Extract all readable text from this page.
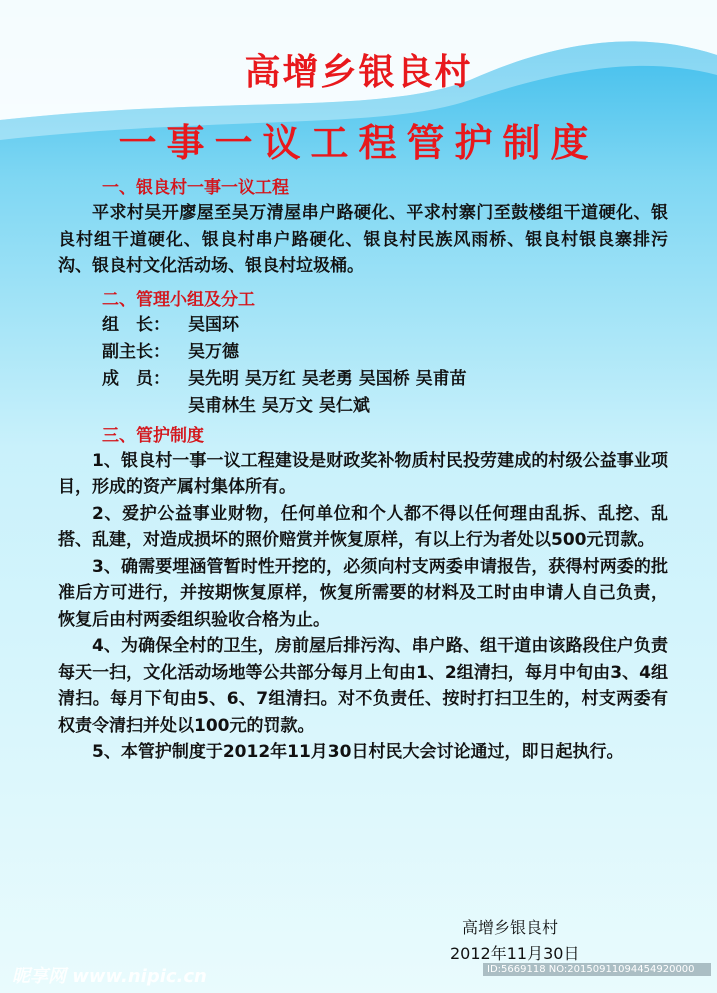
高增乡银良村
一事一议工程管护制度
一、银良村一事一议工程
平求村吴开廖屋至吴万清屋串户路硬化、平求村寨门至鼓楼组干道硬化、银良村组干道硬化、银良村串户路硬化、银良村民族风雨桥、银良村银良寨排污沟、银良村文化活动场、银良村垃圾桶。
二、管理小组及分工
组　长： 吴国环
副主长： 吴万德
成　员： 吴先明 吴万红 吴老勇 吴国桥 吴甫苗
吴甫林生 吴万文 吴仁斌
三、管护制度
1、银良村一事一议工程建设是财政奖补物质村民投劳建成的村级公益事业项目，形成的资产属村集体所有。
2、爱护公益事业财物，任何单位和个人都不得以任何理由乱拆、乱挖、乱搭、乱建，对造成损坏的照价赔赏并恢复原样，有以上行为者处以500元罚款。
3、确需要埋涵管暂时性开挖的，必须向村支两委申请报告，获得村两委的批准后方可进行，并按期恢复原样，恢复所需要的材料及工时由申请人自己负责，恢复后由村两委组织验收合格为止。
4、为确保全村的卫生，房前屋后排污沟、串户路、组干道由该路段住户负责每天一扫，文化活动场地等公共部分每月上旬由1、2组清扫，每月中旬由3、4组清扫。每月下旬由5、6、7组清扫。对不负责任、按时打扫卫生的，村支两委有权责令清扫并处以100元的罚款。
5、本管护制度于2012年11月30日村民大会讨论通过，即日起执行。
高增乡银良村
2012年11月30日
昵享网 www.nipic.cn	ID:5669118 NO:20150911094454920000
